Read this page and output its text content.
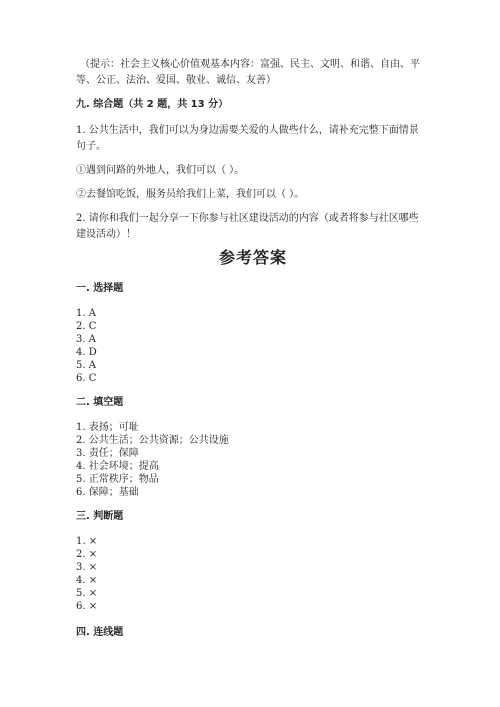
（提示：社会主义核心价值观基本内容：富强、民主、文明、和谐、自由、平
等、公正、法治、爱国、敬业、诚信、友善）
九. 综合题（共 2 题，共 13 分）
1. 公共生活中，我们可以为身边需要关爱的人做些什么，请补充完整下面情景
句子。
①遇到问路的外地人，我们可以（ ）。
②去餐馆吃饭，服务员给我们上菜，我们可以（ ）。
2. 请你和我们一起分享一下你参与社区建设活动的内容（或者将参与社区哪些
建设活动）！
参考答案
一. 选择题
1. A
2. C
3. A
4. D
5. A
6. C
二. 填空题
1. 表扬；可耻
2. 公共生活；公共资源；公共设施
3. 责任；保障
4. 社会环境；提高
5. 正常秩序；物品
6. 保障；基础
三. 判断题
1. ×
2. ×
3. ×
4. ×
5. ×
6. ×
四. 连线题
